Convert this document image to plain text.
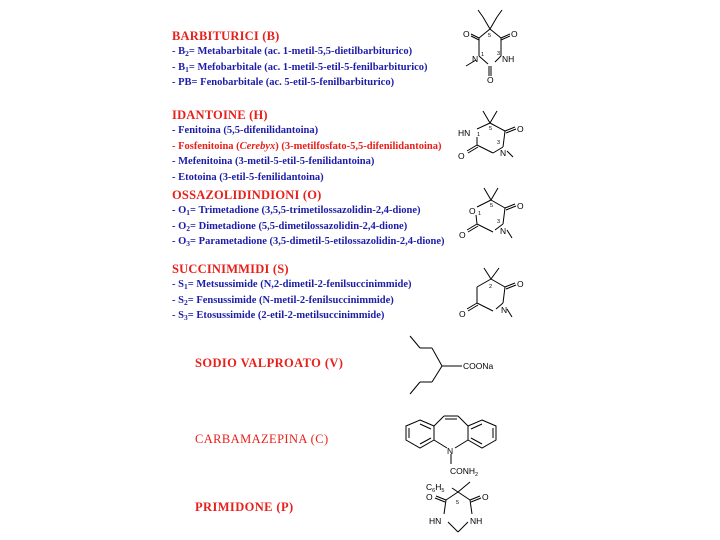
BARBITURICI (B)
- $B_2=$ Metabarbitale (ac. 1-metil-5,5-dietilbarbiturico)
- $B_1=$ Mefobarbitale (ac. 1-metil-5-etil-5-fenilbarbiturico)
- PB= Fenobarbitale (ac. 5-etil-5-fenilbarbiturico)
IDANTOINE (H)
- Fenitoina (5,5-difenilidantoina)
- Fosfenitoina (Cerebyx) (3-metilfosfato-5,5-difenilidantoina)
- Mefenitoina (3-metil-5-etil-5-fenilidantoina)
- Etotoina (3-etil-5-fenilidantoina)
OSSAZOLIDINDIONI (O)
- $O_1=$ Trimetadione (3,5,5-trimetilossazolidin-2,4-dione)
- $O_2=$ Dimetadione (5,5-dimetilossazolidin-2,4-dione)
- $O_3=$ Parametadione (3,5-dimetil-5-etilossazolidin-2,4-dione)
SUCCINIMMIDI (S)
- $S_1=$ Metsussimide (N,2-dimetil-2-fenilsuccinimmide)
- $S_2=$ Fensussimide (N-metil-2-fenilsuccinimmide)
- $S_3=$ Etosussimide (2-etil-2-metilsuccinimmide)
SODIO VALPROATO (V)
CARBAMAZEPINA (C)
PRIMIDONE (P)
O
O
O
N	NH
1 3
5
HN	O
O	N
1
3
5
O	O
O	N
1
3
5
O
O	N
2
COONa
N
$CONH_2$
$C_6H_5$
O	O
HN	NH
5
